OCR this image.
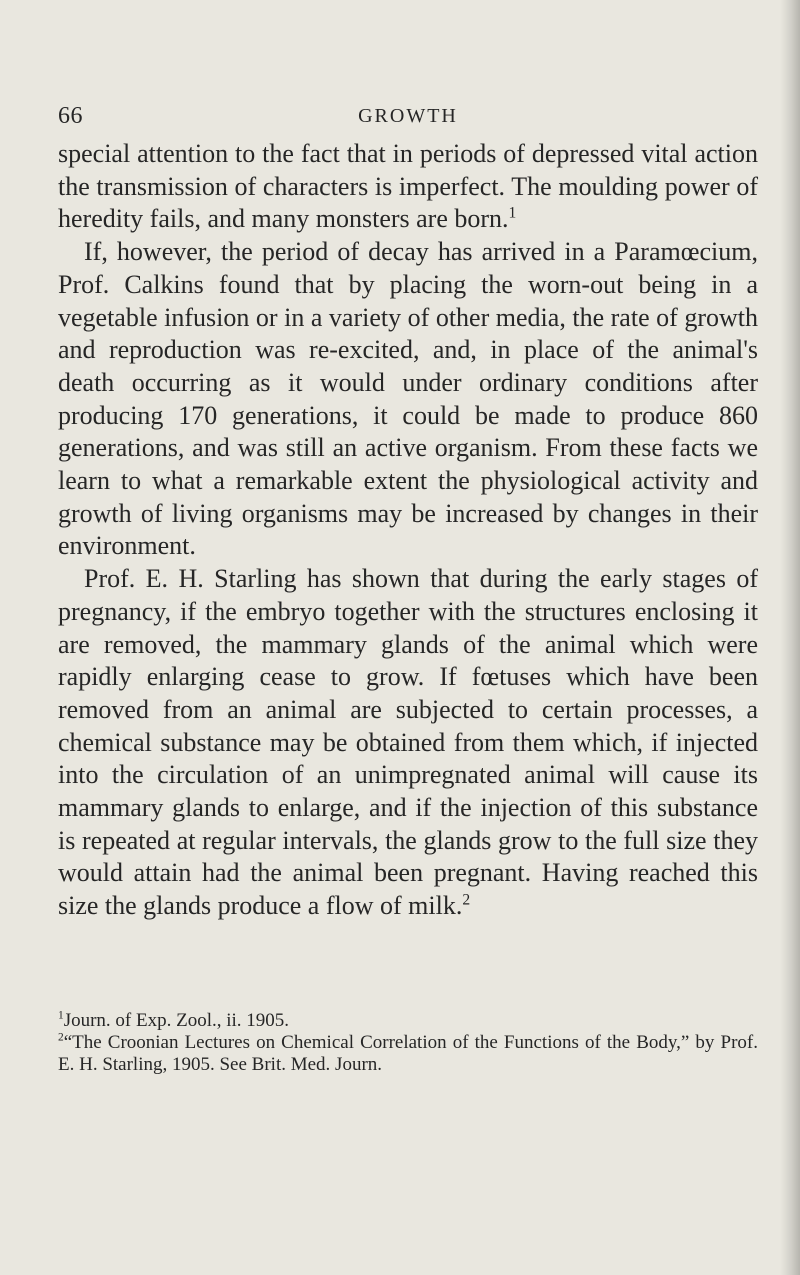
66	GROWTH

special attention to the fact that in periods of depressed vital action the transmission of characters is imperfect. The moulding power of heredity fails, and many monsters are born.$^1$

If, however, the period of decay has arrived in a Paramœcium, Prof. Calkins found that by placing the worn-out being in a vegetable infusion or in a variety of other media, the rate of growth and reproduction was re-excited, and, in place of the animal's death occurring as it would under ordinary conditions after producing 170 generations, it could be made to produce 860 generations, and was still an active organism. From these facts we learn to what a remarkable extent the physiological activity and growth of living organisms may be increased by changes in their environment.

Prof. E. H. Starling has shown that during the early stages of pregnancy, if the embryo together with the structures enclosing it are removed, the mammary glands of the animal which were rapidly enlarging cease to grow. If fœtuses which have been removed from an animal are subjected to certain processes, a chemical substance may be obtained from them which, if injected into the circulation of an unimpregnated animal will cause its mammary glands to enlarge, and if the injection of this substance is repeated at regular intervals, the glands grow to the full size they would attain had the animal been pregnant. Having reached this size the glands produce a flow of milk.$^2$

$^1$Journ. of Exp. Zool., ii. 1905.

$^2$“The Croonian Lectures on Chemical Correlation of the Functions of the Body,” by Prof. E. H. Starling, 1905. See Brit. Med. Journ.
